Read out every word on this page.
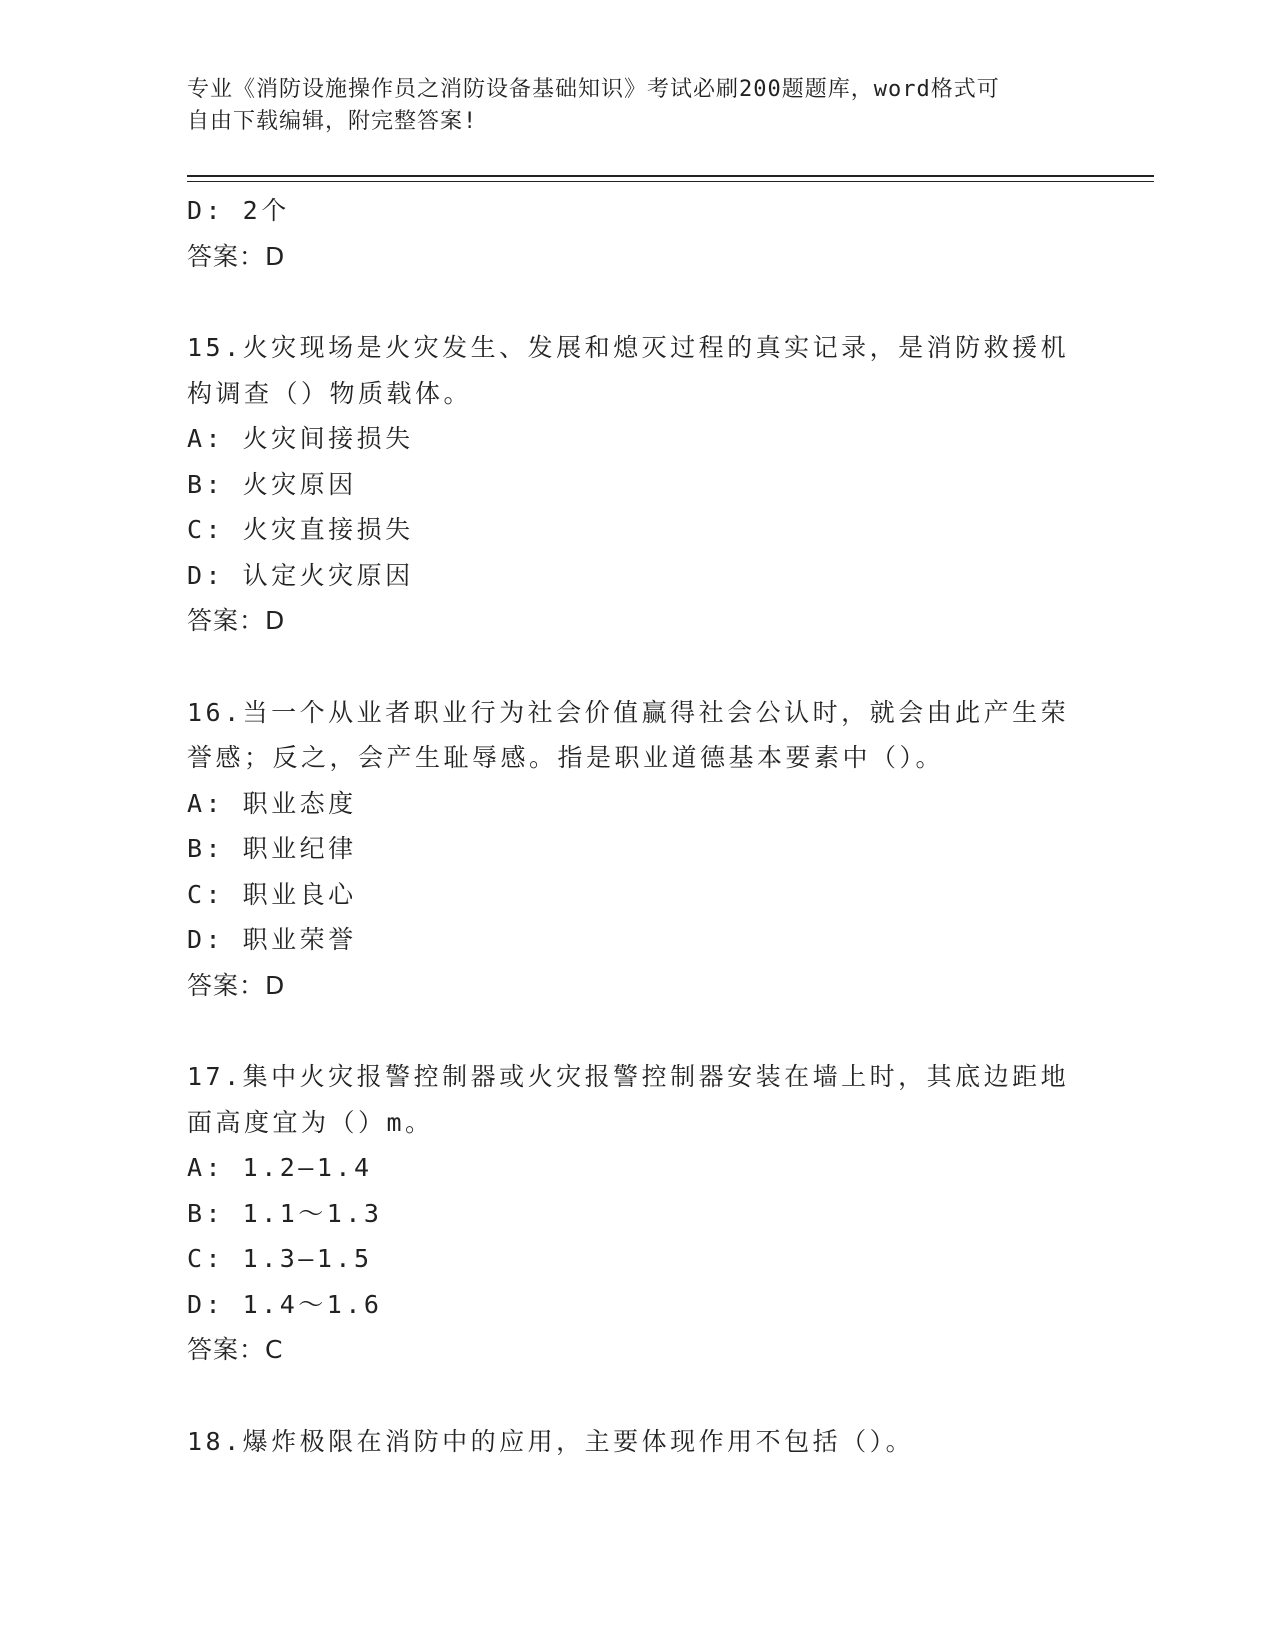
专业《消防设施操作员之消防设备基础知识》考试必刷200题题库，word格式可
自由下载编辑，附完整答案!
D: 2个
答案：D
15.火灾现场是火灾发生、发展和熄灭过程的真实记录，是消防救援机
构调查（）物质载体。
A: 火灾间接损失
B: 火灾原因
C: 火灾直接损失
D: 认定火灾原因
答案：D
16.当一个从业者职业行为社会价值赢得社会公认时，就会由此产生荣
誉感；反之，会产生耻辱感。指是职业道德基本要素中（）。
A: 职业态度
B: 职业纪律
C: 职业良心
D: 职业荣誉
答案：D
17.集中火灾报警控制器或火灾报警控制器安装在墙上时，其底边距地
面高度宜为（）m。
A: 1.2—1.4
B: 1.1～1.3
C: 1.3—1.5
D: 1.4～1.6
答案：C
18.爆炸极限在消防中的应用，主要体现作用不包括（）。
